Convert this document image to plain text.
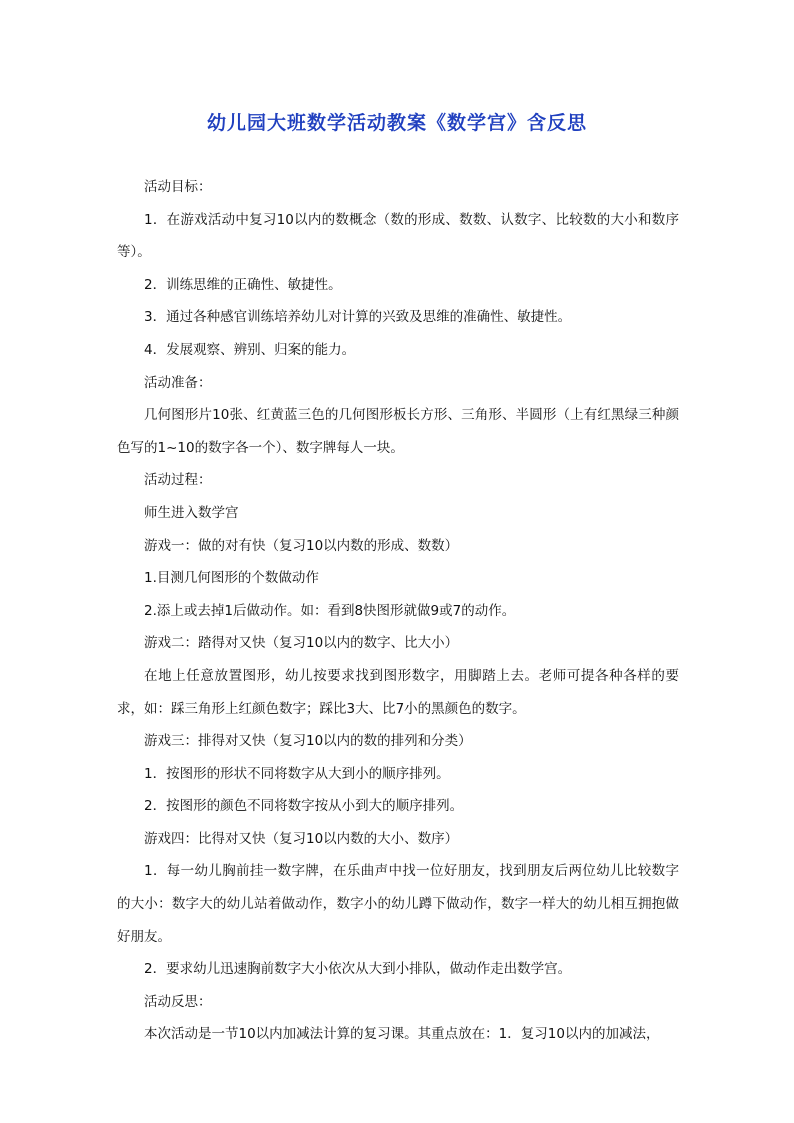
幼儿园大班数学活动教案《数学宫》含反思

活动目标：

1．在游戏活动中复习10以内的数概念（数的形成、数数、认数字、比较数的大小和数序等）。

2．训练思维的正确性、敏捷性。

3．通过各种感官训练培养幼儿对计算的兴致及思维的准确性、敏捷性。

4．发展观察、辨别、归案的能力。

活动准备：

几何图形片10张、红黄蓝三色的几何图形板长方形、三角形、半圆形（上有红黑绿三种颜色写的1~10的数字各一个）、数字牌每人一块。

活动过程：

师生进入数学宫

游戏一：做的对有快（复习10以内数的形成、数数）

1.目测几何图形的个数做动作

2.添上或去掉1后做动作。如：看到8快图形就做9或7的动作。

游戏二：踏得对又快（复习10以内的数字、比大小）

在地上任意放置图形，幼儿按要求找到图形数字，用脚踏上去。老师可提各种各样的要求，如：踩三角形上红颜色数字；踩比3大、比7小的黑颜色的数字。

游戏三：排得对又快（复习10以内的数的排列和分类）

1．按图形的形状不同将数字从大到小的顺序排列。

2．按图形的颜色不同将数字按从小到大的顺序排列。

游戏四：比得对又快（复习10以内数的大小、数序）

1．每一幼儿胸前挂一数字牌，在乐曲声中找一位好朋友，找到朋友后两位幼儿比较数字的大小：数字大的幼儿站着做动作，数字小的幼儿蹲下做动作，数字一样大的幼儿相互拥抱做好朋友。

2．要求幼儿迅速胸前数字大小依次从大到小排队，做动作走出数学宫。

活动反思：

本次活动是一节10以内加减法计算的复习课。其重点放在：1．复习10以内的加减法，
